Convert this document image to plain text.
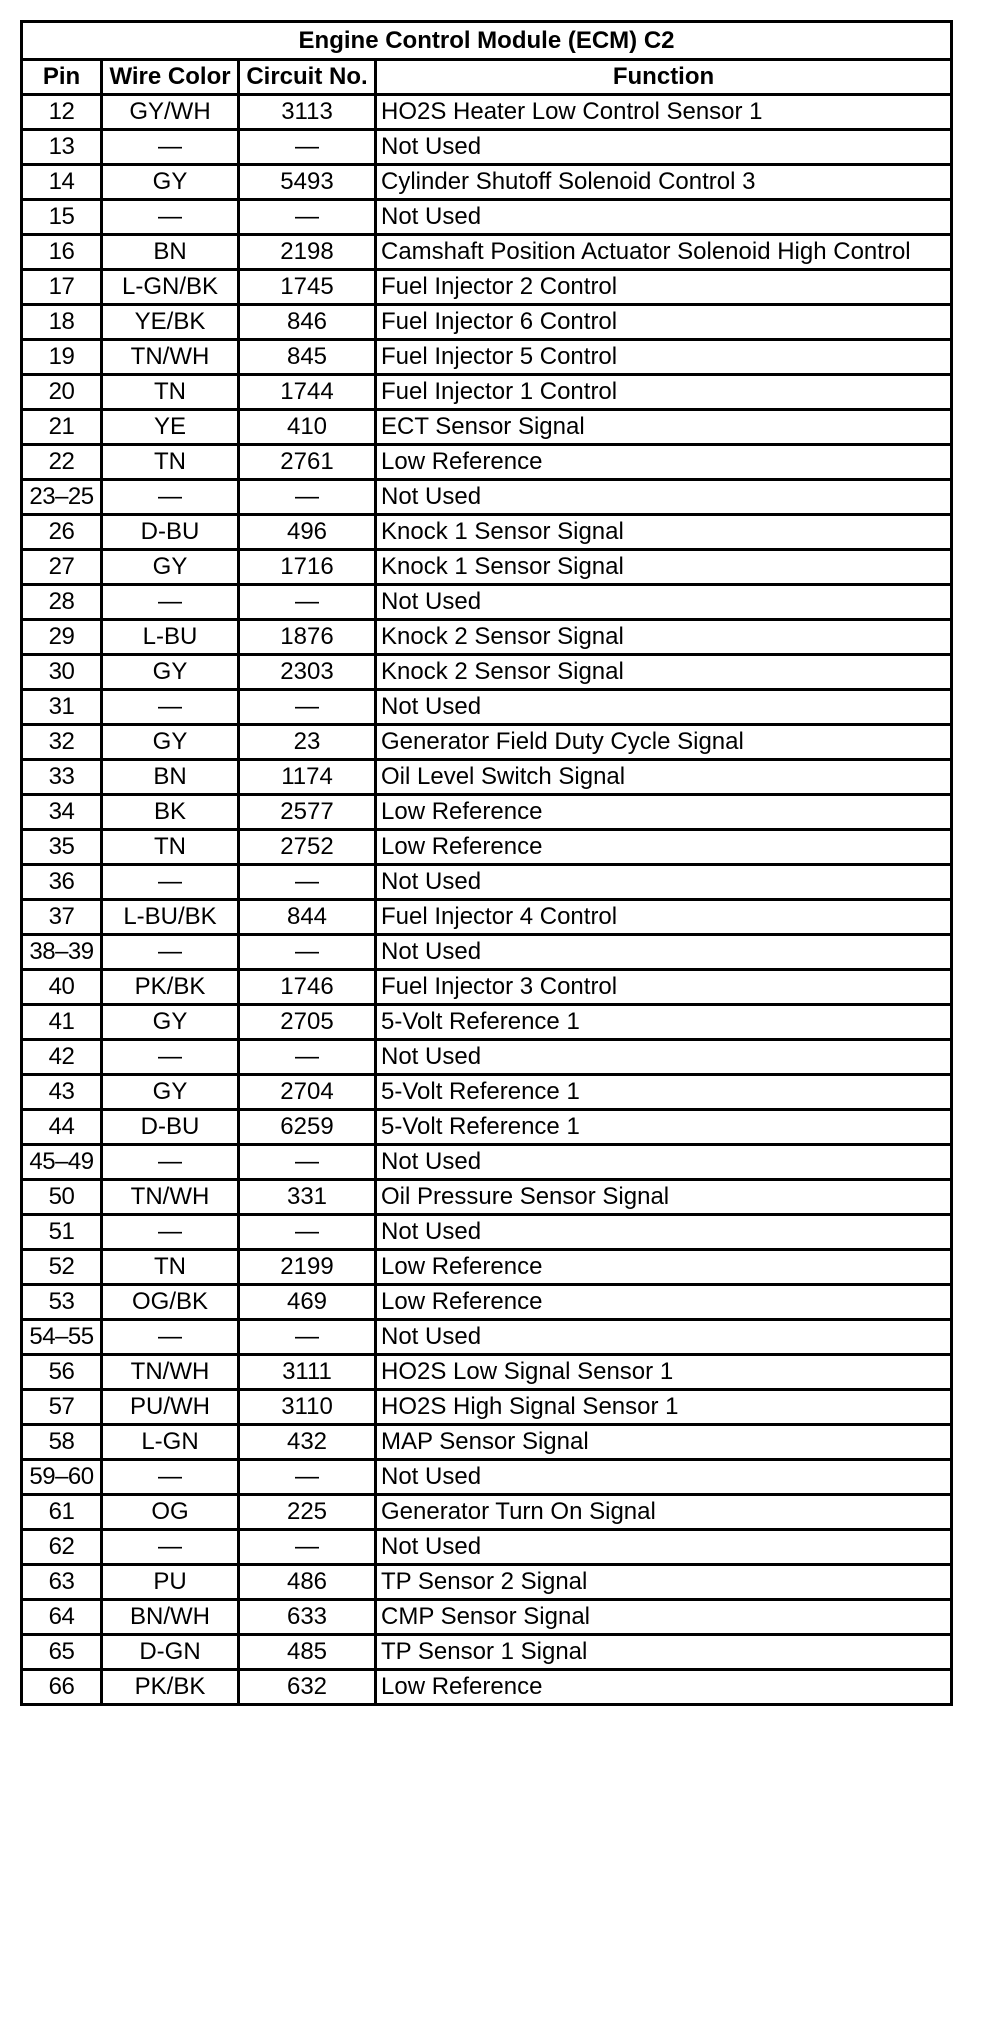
Engine Control Module (ECM) C2			
Pin	Wire Color	Circuit No.	Function
12	GY/WH	3113	HO2S Heater Low Control Sensor 1
13	—	—	Not Used
14	GY	5493	Cylinder Shutoff Solenoid Control 3
15	—	—	Not Used
16	BN	2198	Camshaft Position Actuator Solenoid High Control
17	L-GN/BK	1745	Fuel Injector 2 Control
18	YE/BK	846	Fuel Injector 6 Control
19	TN/WH	845	Fuel Injector 5 Control
20	TN	1744	Fuel Injector 1 Control
21	YE	410	ECT Sensor Signal
22	TN	2761	Low Reference
23–25	—	—	Not Used
26	D-BU	496	Knock 1 Sensor Signal
27	GY	1716	Knock 1 Sensor Signal
28	—	—	Not Used
29	L-BU	1876	Knock 2 Sensor Signal
30	GY	2303	Knock 2 Sensor Signal
31	—	—	Not Used
32	GY	23	Generator Field Duty Cycle Signal
33	BN	1174	Oil Level Switch Signal
34	BK	2577	Low Reference
35	TN	2752	Low Reference
36	—	—	Not Used
37	L-BU/BK	844	Fuel Injector 4 Control
38–39	—	—	Not Used
40	PK/BK	1746	Fuel Injector 3 Control
41	GY	2705	5-Volt Reference 1
42	—	—	Not Used
43	GY	2704	5-Volt Reference 1
44	D-BU	6259	5-Volt Reference 1
45–49	—	—	Not Used
50	TN/WH	331	Oil Pressure Sensor Signal
51	—	—	Not Used
52	TN	2199	Low Reference
53	OG/BK	469	Low Reference
54–55	—	—	Not Used
56	TN/WH	3111	HO2S Low Signal Sensor 1
57	PU/WH	3110	HO2S High Signal Sensor 1
58	L-GN	432	MAP Sensor Signal
59–60	—	—	Not Used
61	OG	225	Generator Turn On Signal
62	—	—	Not Used
63	PU	486	TP Sensor 2 Signal
64	BN/WH	633	CMP Sensor Signal
65	D-GN	485	TP Sensor 1 Signal
66	PK/BK	632	Low Reference
